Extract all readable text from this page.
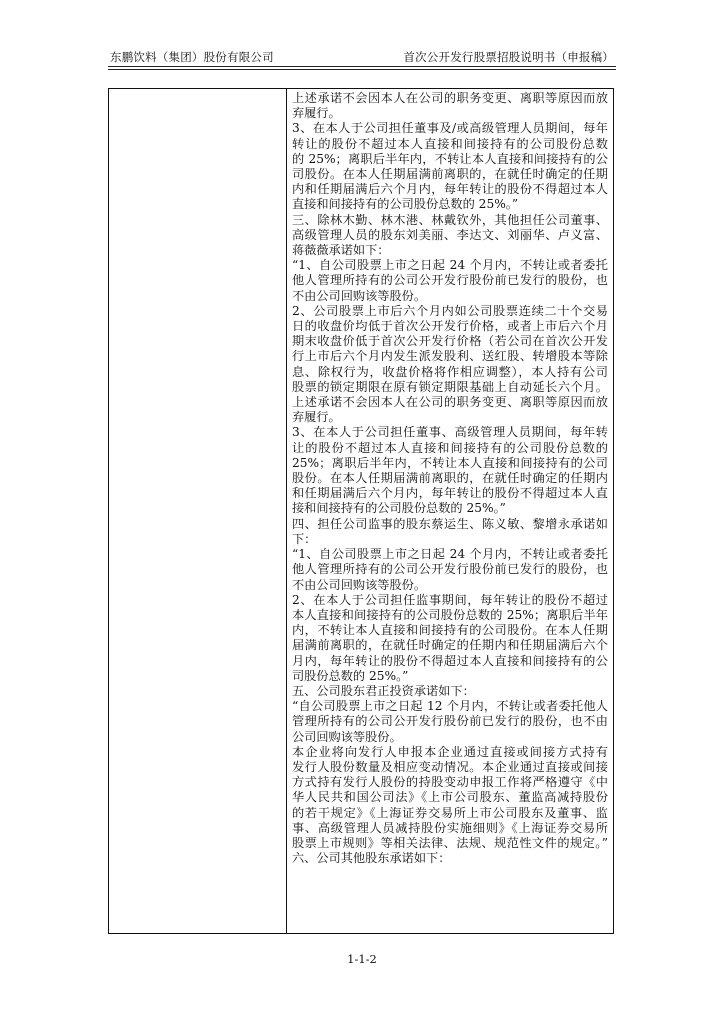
东鹏饮料（集团）股份有限公司	首次公开发行股票招股说明书（申报稿）
上述承诺不会因本人在公司的职务变更、离职等原因而放
弃履行。
3、在本人于公司担任董事及/或高级管理人员期间，每年
转让的股份不超过本人直接和间接持有的公司股份总数
的 25%；离职后半年内，不转让本人直接和间接持有的公
司股份。在本人任期届满前离职的，在就任时确定的任期
内和任期届满后六个月内，每年转让的股份不得超过本人
直接和间接持有的公司股份总数的 25%。”
三、除林木勤、林木港、林戴钦外，其他担任公司董事、
高级管理人员的股东刘美丽、李达文、刘丽华、卢义富、
蒋薇薇承诺如下：
“1、自公司股票上市之日起 24 个月内，不转让或者委托
他人管理所持有的公司公开发行股份前已发行的股份，也
不由公司回购该等股份。
2、公司股票上市后六个月内如公司股票连续二十个交易
日的收盘价均低于首次公开发行价格，或者上市后六个月
期末收盘价低于首次公开发行价格（若公司在首次公开发
行上市后六个月内发生派发股利、送红股、转增股本等除
息、除权行为，收盘价格将作相应调整），本人持有公司
股票的锁定期限在原有锁定期限基础上自动延长六个月。
上述承诺不会因本人在公司的职务变更、离职等原因而放
弃履行。
3、在本人于公司担任董事、高级管理人员期间，每年转
让的股份不超过本人直接和间接持有的公司股份总数的
25%；离职后半年内，不转让本人直接和间接持有的公司
股份。在本人任期届满前离职的，在就任时确定的任期内
和任期届满后六个月内，每年转让的股份不得超过本人直
接和间接持有的公司股份总数的 25%。”
四、担任公司监事的股东蔡运生、陈义敏、黎增永承诺如
下：
“1、自公司股票上市之日起 24 个月内，不转让或者委托
他人管理所持有的公司公开发行股份前已发行的股份，也
不由公司回购该等股份。
2、在本人于公司担任监事期间，每年转让的股份不超过
本人直接和间接持有的公司股份总数的 25%；离职后半年
内，不转让本人直接和间接持有的公司股份。在本人任期
届满前离职的，在就任时确定的任期内和任期届满后六个
月内，每年转让的股份不得超过本人直接和间接持有的公
司股份总数的 25%。”
五、公司股东君正投资承诺如下：
“自公司股票上市之日起 12 个月内，不转让或者委托他人
管理所持有的公司公开发行股份前已发行的股份，也不由
公司回购该等股份。
本企业将向发行人申报本企业通过直接或间接方式持有
发行人股份数量及相应变动情况。本企业通过直接或间接
方式持有发行人股份的持股变动申报工作将严格遵守《中
华人民共和国公司法》《上市公司股东、董监高减持股份
的若干规定》《上海证券交易所上市公司股东及董事、监
事、高级管理人员减持股份实施细则》《上海证券交易所
股票上市规则》等相关法律、法规、规范性文件的规定。”
六、公司其他股东承诺如下：
1-1-2
